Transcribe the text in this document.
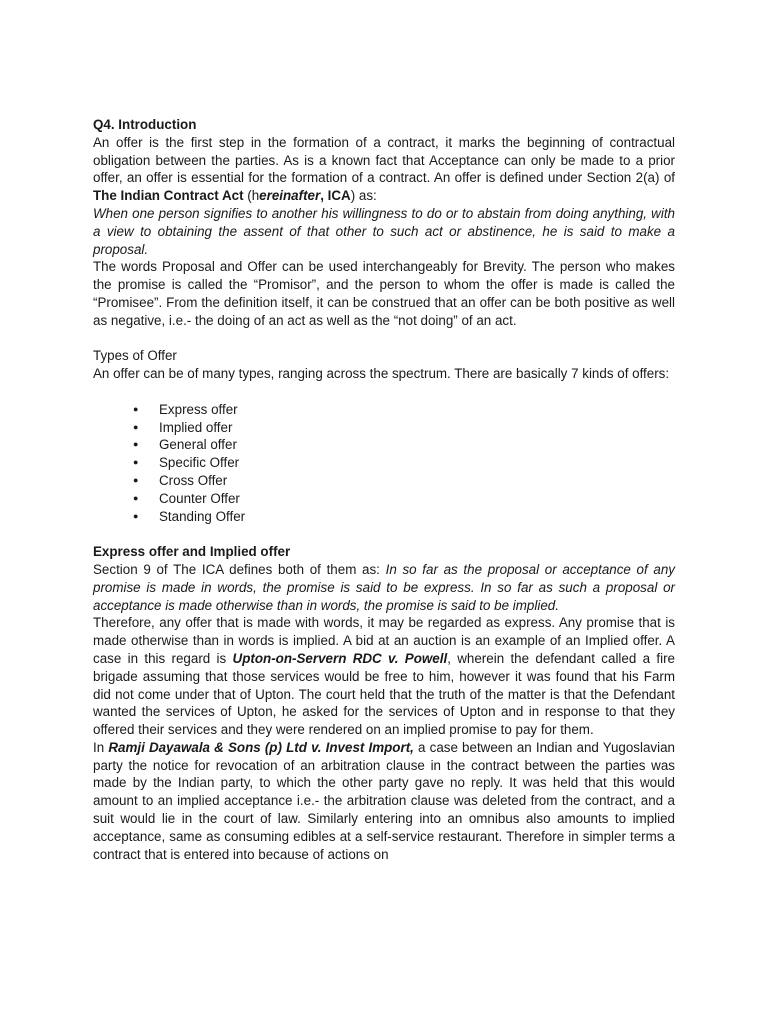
Q4. Introduction

An offer is the first step in the formation of a contract, it marks the beginning of contractual obligation between the parties. As is a known fact that Acceptance can only be made to a prior offer, an offer is essential for the formation of a contract. An offer is defined under Section 2(a) of The Indian Contract Act (hereinafter, ICA) as:

When one person signifies to another his willingness to do or to abstain from doing anything, with a view to obtaining the assent of that other to such act or abstinence, he is said to make a proposal.

The words Proposal and Offer can be used interchangeably for Brevity. The person who makes the promise is called the “Promisor”, and the person to whom the offer is made is called the “Promisee”. From the definition itself, it can be construed that an offer can be both positive as well as negative, i.e.- the doing of an act as well as the “not doing” of an act.

Types of Offer

An offer can be of many types, ranging across the spectrum. There are basically 7 kinds of offers:

● Express offer
● Implied offer
● General offer
● Specific Offer
● Cross Offer
● Counter Offer
● Standing Offer

Express offer and Implied offer

Section 9 of The ICA defines both of them as: In so far as the proposal or acceptance of any promise is made in words, the promise is said to be express. In so far as such a proposal or acceptance is made otherwise than in words, the promise is said to be implied.

Therefore, any offer that is made with words, it may be regarded as express. Any promise that is made otherwise than in words is implied. A bid at an auction is an example of an Implied offer. A case in this regard is Upton-on-Servern RDC v. Powell, wherein the defendant called a fire brigade assuming that those services would be free to him, however it was found that his Farm did not come under that of Upton. The court held that the truth of the matter is that the Defendant wanted the services of Upton, he asked for the services of Upton and in response to that they offered their services and they were rendered on an implied promise to pay for them.

In Ramji Dayawala & Sons (p) Ltd v. Invest Import, a case between an Indian and Yugoslavian party the notice for revocation of an arbitration clause in the contract between the parties was made by the Indian party, to which the other party gave no reply. It was held that this would amount to an implied acceptance i.e.- the arbitration clause was deleted from the contract, and a suit would lie in the court of law. Similarly entering into an omnibus also amounts to implied acceptance, same as consuming edibles at a self-service restaurant. Therefore in simpler terms a contract that is entered into because of actions on
